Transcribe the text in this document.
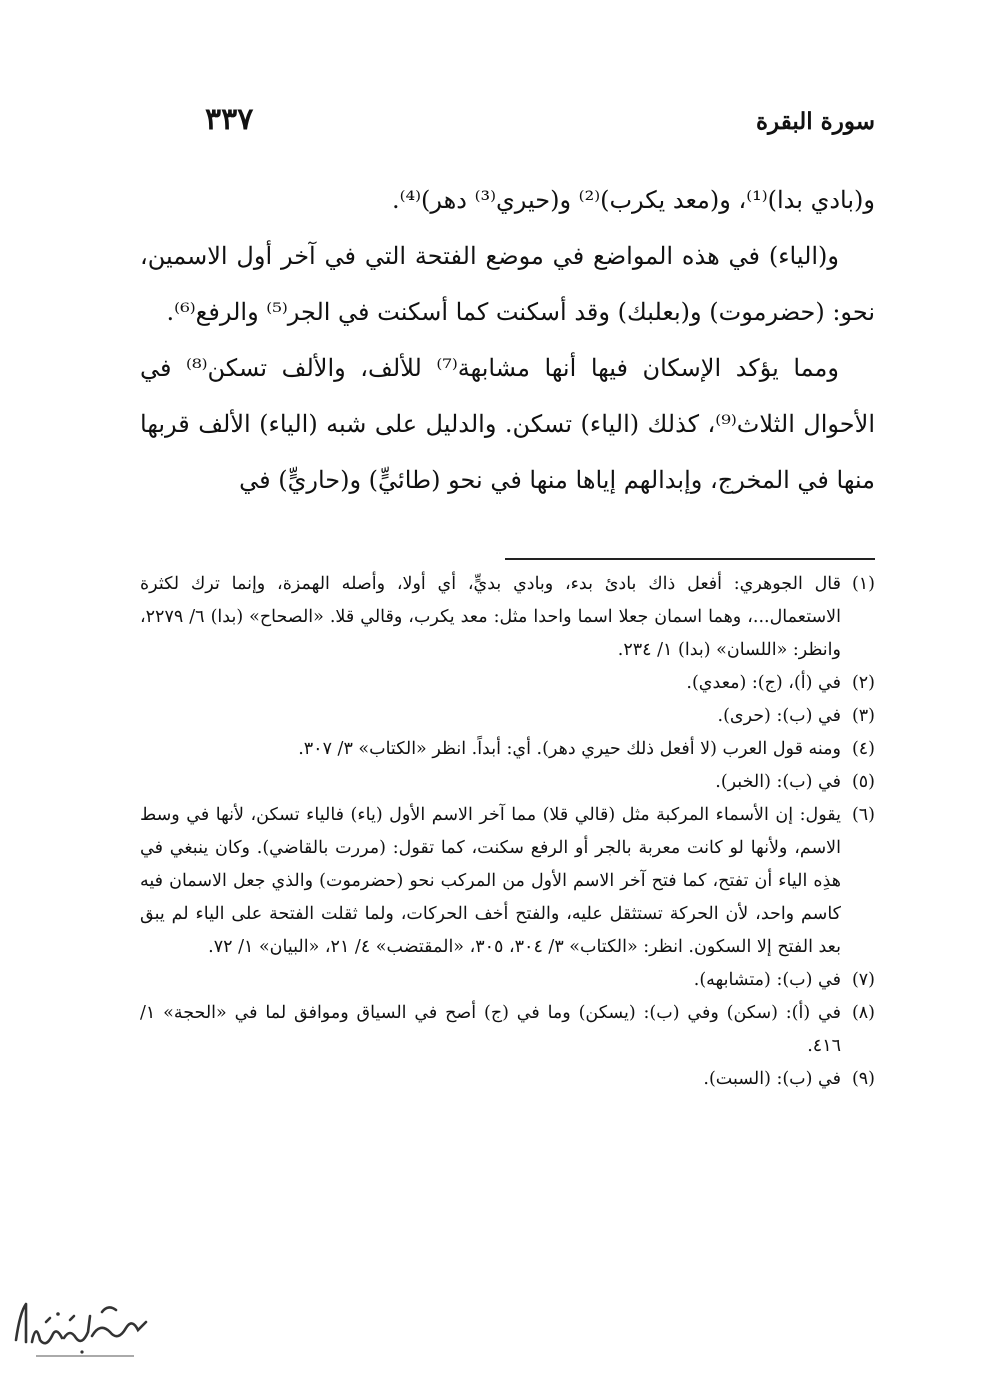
سورة البقرة
٣٣٧

و(بادي بدا)⁽¹⁾، و(معد يكرب)⁽²⁾ و(حيري⁽³⁾ دهر)⁽⁴⁾.

و(الياء) في هذه المواضع في موضع الفتحة التي في آخر أول الاسمين، نحو: (حضرموت) و(بعلبك) وقد أسكنت كما أسكنت في الجر⁽⁵⁾ والرفع⁽⁶⁾.

ومما يؤكد الإسكان فيها أنها مشابهة⁽⁷⁾ للألف، والألف تسكن⁽⁸⁾ في الأحوال الثلاث⁽⁹⁾، كذلك (الياء) تسكن. والدليل على شبه (الياء) الألف قربها منها في المخرج، وإبدالهم إياها منها في نحو (طائيٍّ) و(حاريٍّ) في

(١)
قال الجوهري: أفعل ذاك بادئ بدء، وبادي بديٍّ، أي أولا، وأصله الهمزة، وإنما ترك لكثرة الاستعمال...، وهما اسمان جعلا اسما واحدا مثل: معد يكرب، وقالي قلا. «الصحاح» (بدا) ٦/ ٢٢٧٩، وانظر: «اللسان» (بدا) ١/ ٢٣٤.
(٢)
في (أ)، (ج): (معدي).
(٣)
في (ب): (حرى).
(٤)
ومنه قول العرب (لا أفعل ذلك حيري دهر). أي: أبداً. انظر «الكتاب» ٣/ ٣٠٧.
(٥)
في (ب): (الخبر).
(٦)
يقول: إن الأسماء المركبة مثل (قالي قلا) مما آخر الاسم الأول (ياء) فالياء تسكن، لأنها في وسط الاسم، ولأنها لو كانت معربة بالجر أو الرفع سكنت، كما تقول: (مررت بالقاضي). وكان ينبغي في هذِه الياء أن تفتح، كما فتح آخر الاسم الأول من المركب نحو (حضرموت) والذي جعل الاسمان فيه كاسم واحد، لأن الحركة تستثقل عليه، والفتح أخف الحركات، ولما ثقلت الفتحة على الياء لم يبق بعد الفتح إلا السكون. انظر: «الكتاب» ٣/ ٣٠٤، ٣٠٥، «المقتضب» ٤/ ٢١، «البيان» ١/ ٧٢.
(٧)
في (ب): (متشابهه).
(٨)
في (أ): (سكن) وفي (ب): (يسكن) وما في (ج) أصح في السياق وموافق لما في «الحجة» ١/ ٤١٦.
(٩)
في (ب): (السبت).
